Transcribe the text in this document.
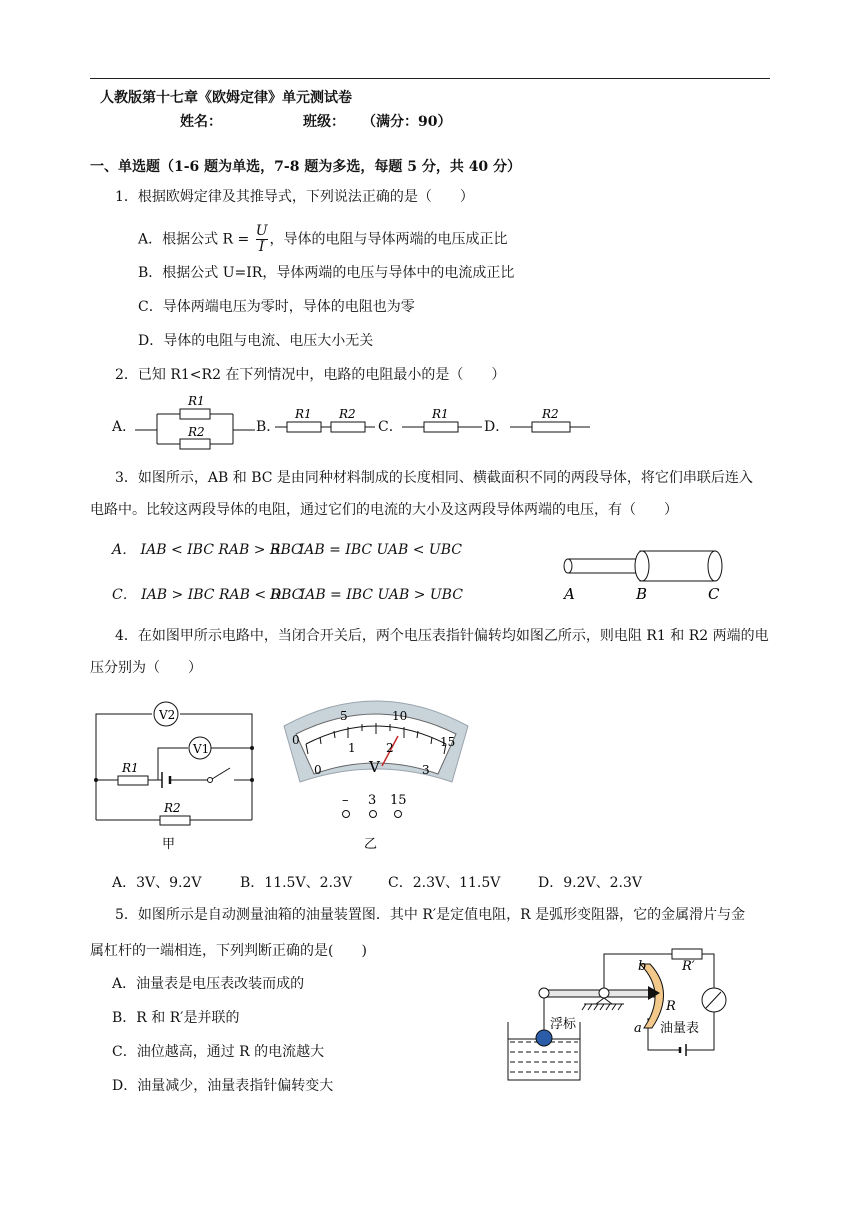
人教版第十七章《欧姆定律》单元测试卷
姓名：	班级： （满分：90）
一、单选题（1-6 题为单选，7-8 题为多选，每题 5 分，共 40 分）
1．根据欧姆定律及其推导式，下列说法正确的是（　　）
A．根据公式 $R = \frac{U}{I}$ ，导体的电阻与导体两端的电压成正比
B．根据公式 U=IR，导体两端的电压与导体中的电流成正比
C．导体两端电压为零时，导体的电阻也为零
D．导体的电阻与电流、电压大小无关
2．已知 R1<R2 在下列情况中，电路的电阻最小的是（　　）
A．
R1
R2	B．
R1 R2
C．
R1
D．
R2
3．如图所示，AB 和 BC 是由同种材料制成的长度相同、横截面积不同的两段导体，将它们串联后连入
电路中。比较这两段导体的电阻，通过它们的电流的大小及这两段导体两端的电压，有（　　）
A． IAB < IBC RAB > RBC
B． IAB = IBC UAB < UBC
C． IAB > IBC RAB < RBC
D． IAB = IBC UAB > UBC	A	B	C
4．在如图甲所示电路中，当闭合开关后，两个电压表指针偏转均如图乙所示，则电阻 R1 和 R2 两端的电
压分别为（　　）
V2
V1
R1
R2
甲
0
5	10
15
0
1	2
3
V
– 3 15
乙
A．3V、9.2V	B．11.5V、2.3V	C．2.3V、11.5V	D．9.2V、2.3V
5．如图所示是自动测量油箱的油量装置图．其中 R′是定值电阻，R 是弧形变阻器，它的金属滑片与金
属杠杆的一端相连，下列判断正确的是(　　)
A．油量表是电压表改装而成的
B．R 和 R′是并联的
C．油位越高，通过 R 的电流越大
D．油量减少，油量表指针偏转变大
浮标
R′
b
a
R
油量表
